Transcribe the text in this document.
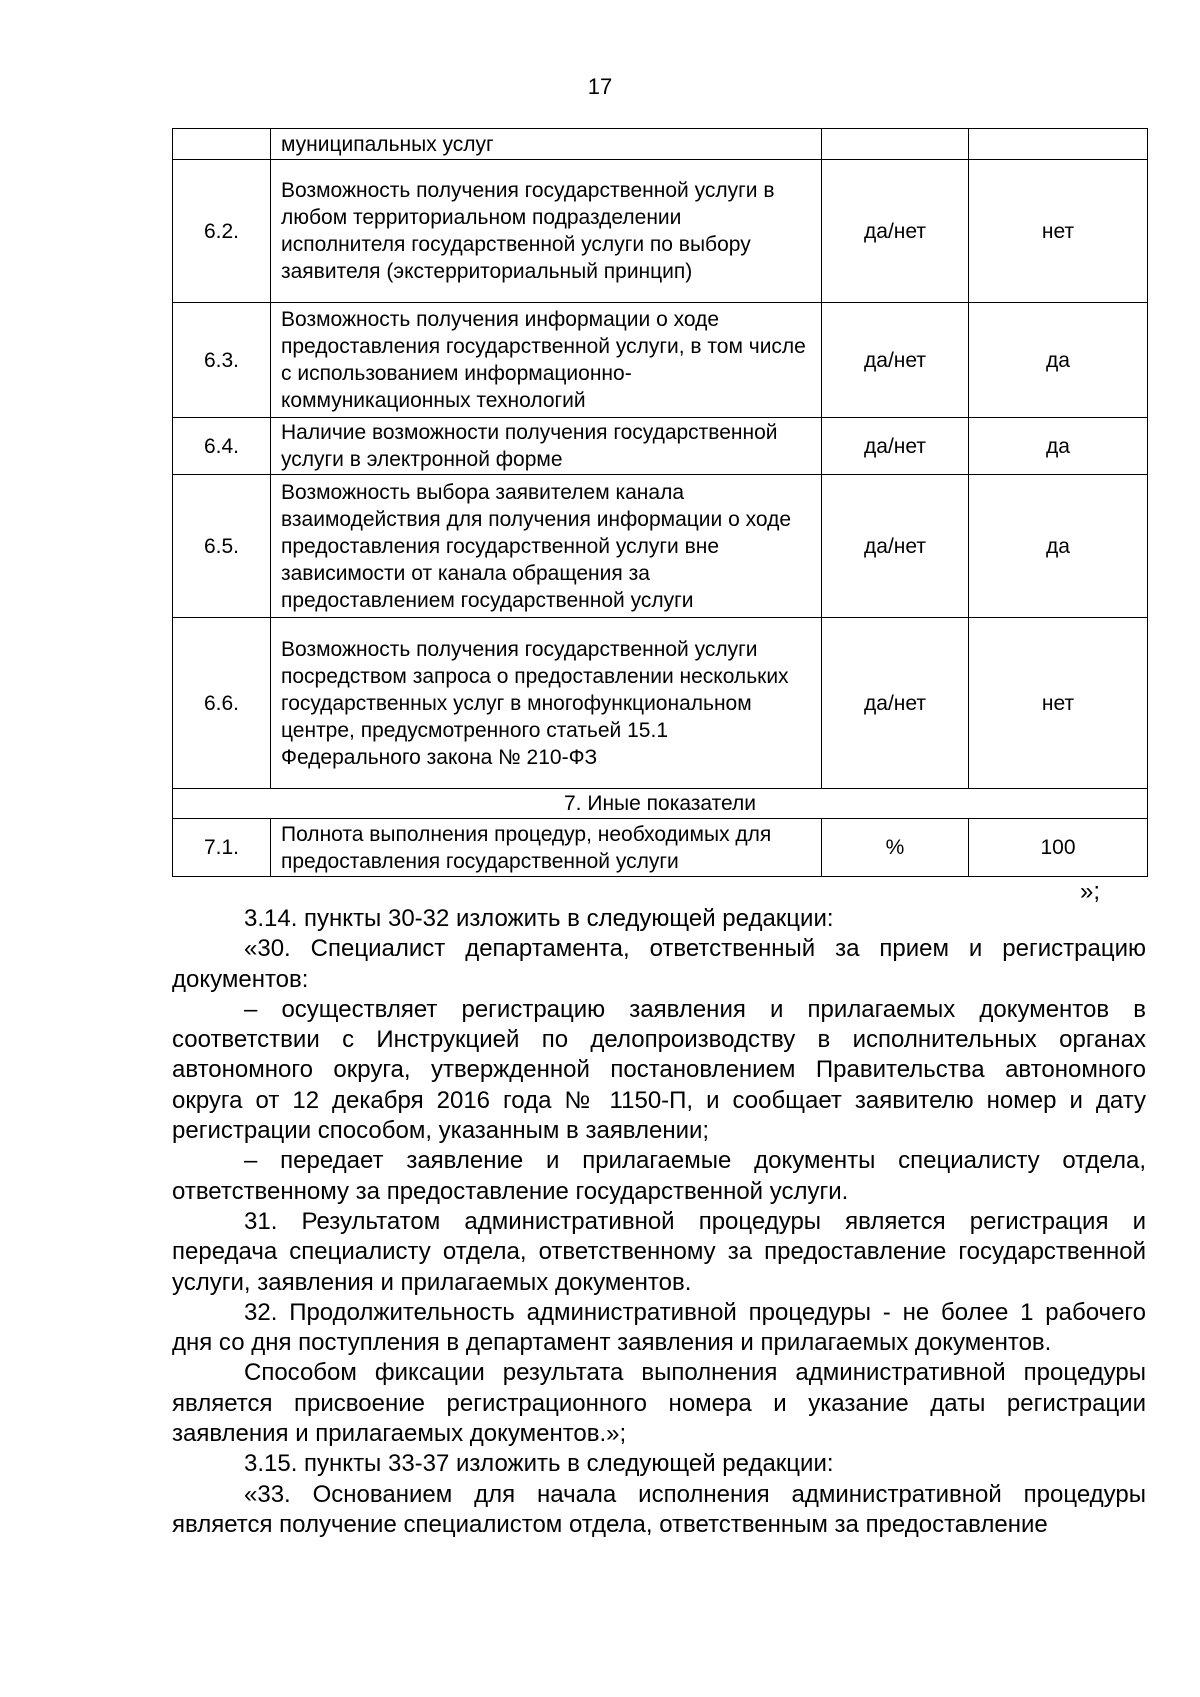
17
	муниципальных услуг		
6.2.	Возможность получения государственной услуги в любом территориальном подразделении исполнителя государственной услуги по выбору заявителя (экстерриториальный принцип)	да/нет	нет
6.3.	Возможность получения информации о ходе предоставления государственной услуги, в том числе с использованием информационно-коммуникационных технологий	да/нет	да
6.4.	Наличие возможности получения государственной услуги в электронной форме	да/нет	да
6.5.	Возможность выбора заявителем канала взаимодействия для получения информации о ходе предоставления государственной услуги вне зависимости от канала обращения за предоставлением государственной услуги	да/нет	да
6.6.	Возможность получения государственной услуги посредством запроса о предоставлении нескольких государственных услуг в многофункциональном центре, предусмотренного статьей 15.1 Федерального закона № 210-ФЗ	да/нет	нет
7. Иные показатели			
7.1.	Полнота выполнения процедур, необходимых для предоставления государственной услуги	%	100
»;

3.14. пункты 30-32 изложить в следующей редакции:

«30. Специалист департамента, ответственный за прием и регистрацию документов:

– осуществляет регистрацию заявления и прилагаемых документов в соответствии с Инструкцией по делопроизводству в исполнительных органах автономного округа, утвержденной постановлением Правительства автономного округа от 12 декабря 2016 года № 1150-П, и сообщает заявителю номер и дату регистрации способом, указанным в заявлении;

– передает заявление и прилагаемые документы специалисту отдела, ответственному за предоставление государственной услуги.

31. Результатом административной процедуры является регистрация и передача специалисту отдела, ответственному за предоставление государственной услуги, заявления и прилагаемых документов.

32. Продолжительность административной процедуры - не более 1 рабочего дня со дня поступления в департамент заявления и прилагаемых документов.

Способом фиксации результата выполнения административной процедуры является присвоение регистрационного номера и указание даты регистрации заявления и прилагаемых документов.»;

3.15. пункты 33-37 изложить в следующей редакции:

«33. Основанием для начала исполнения административной процедуры является получение специалистом отдела, ответственным за предоставление
